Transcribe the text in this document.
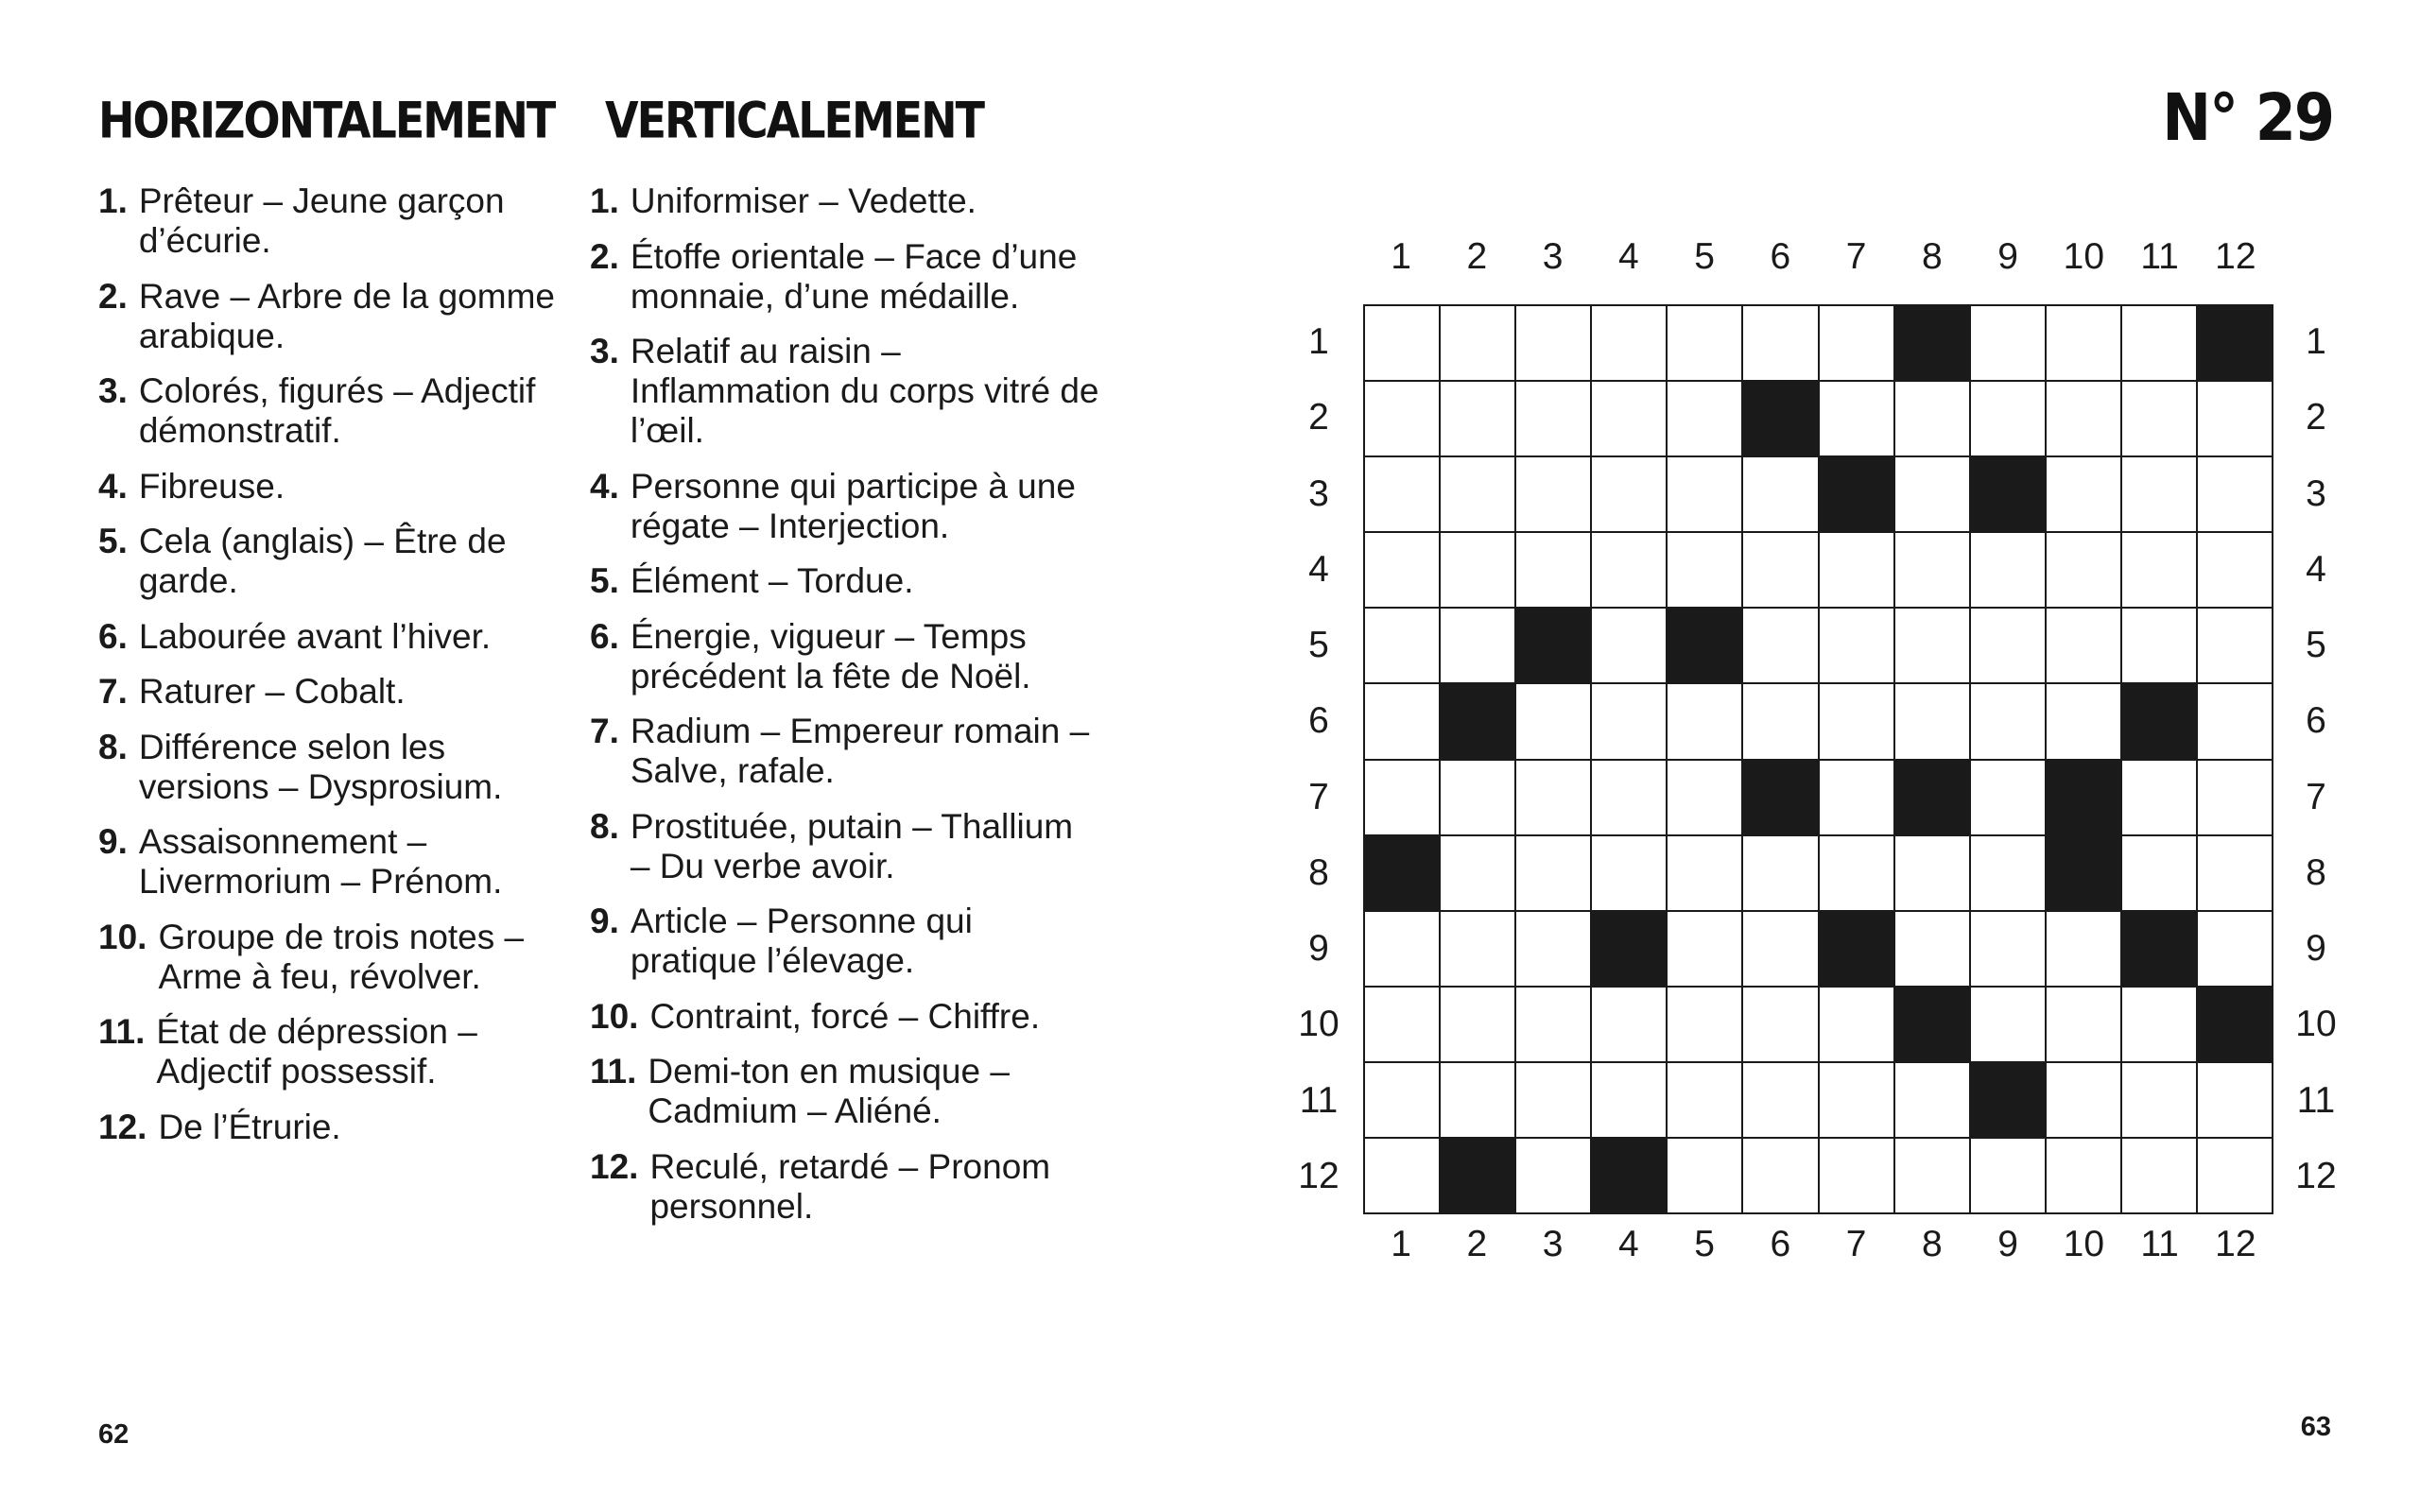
HORIZONTALEMENT VERTICALEMENT	N° 29
1. Prêteur – Jeune garçon d’écurie.
2. Rave – Arbre de la gomme arabique.
3. Colorés, figurés – Adjectif démonstratif.
4. Fibreuse.
5. Cela (anglais) – Être de garde.
6. Labourée avant l’hiver.
7. Raturer – Cobalt.
8. Différence selon les versions – Dysprosium.
9. Assaisonnement – Livermorium – Prénom.
10. Groupe de trois notes – Arme à feu, révolver.
11. État de dépression – Adjectif possessif.
12. De l’Étrurie.
1. Uniformiser – Vedette.
2. Étoffe orientale – Face d’une monnaie, d’une médaille.
3. Relatif au raisin – Inflammation du corps vitré de l’œil.
4. Personne qui participe à une régate – Interjection.
5. Élément – Tordue.
6. Énergie, vigueur – Temps précédent la fête de Noël.
7. Radium – Empereur romain – Salve, rafale.
8. Prostituée, putain – Thallium – Du verbe avoir.
9. Article – Personne qui pratique l’élevage.
10. Contraint, forcé – Chiffre.
11. Demi-ton en musique – Cadmium – Aliéné.
12. Reculé, retardé – Pronom personnel.
1	2	3	4	5	6	7	8	9	10 11 12
1	2	3	4	5	6	7	8	9	10 11 12
1
2
3
4
5
6
7
8
9
10
11
12
1
2
3
4
5
6
7
8
9
10
11
12
62	63
